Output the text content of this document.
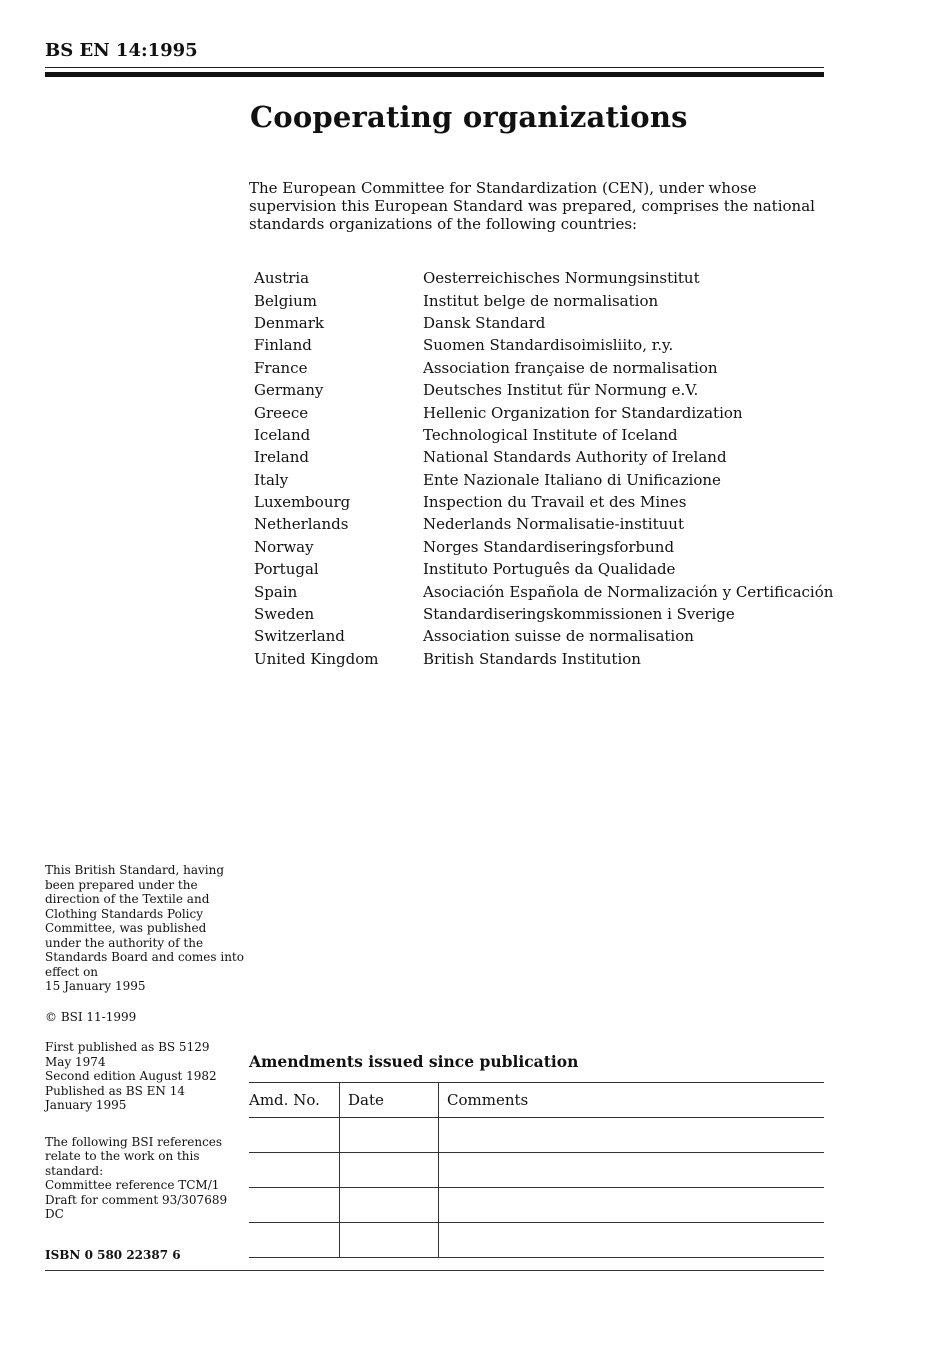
BS EN 14:1995
Cooperating organizations
The European Committee for Standardization (CEN), under whose supervision this European Standard was prepared, comprises the national standards organizations of the following countries:
Austria	Oesterreichisches Normungsinstitut
Belgium	Institut belge de normalisation
Denmark	Dansk Standard
Finland	Suomen Standardisoimisliito, r.y.
France	Association française de normalisation
Germany	Deutsches Institut für Normung e.V.
Greece	Hellenic Organization for Standardization
Iceland	Technological Institute of Iceland
Ireland	National Standards Authority of Ireland
Italy	Ente Nazionale Italiano di Unificazione
Luxembourg	Inspection du Travail et des Mines
Netherlands	Nederlands Normalisatie-instituut
Norway	Norges Standardiseringsforbund
Portugal	Instituto Português da Qualidade
Spain	Asociación Española de Normalización y Certificación
Sweden	Standardiseringskommissionen i Sverige
Switzerland	Association suisse de normalisation
United Kingdom	British Standards Institution

This British Standard, having been prepared under the direction of the Textile and Clothing Standards Policy Committee, was published under the authority of the Standards Board and comes into effect on

15 January 1995

© BSI 11-1999

First published as BS 5129

May 1974

Second edition August 1982

Published as BS EN 14

January 1995

The following BSI references relate to the work on this standard:

Committee reference TCM/1

Draft for comment 93/307689 DC

ISBN 0 580 22387 6
Amendments issued since publication
Amd. No.	Date	Comments
